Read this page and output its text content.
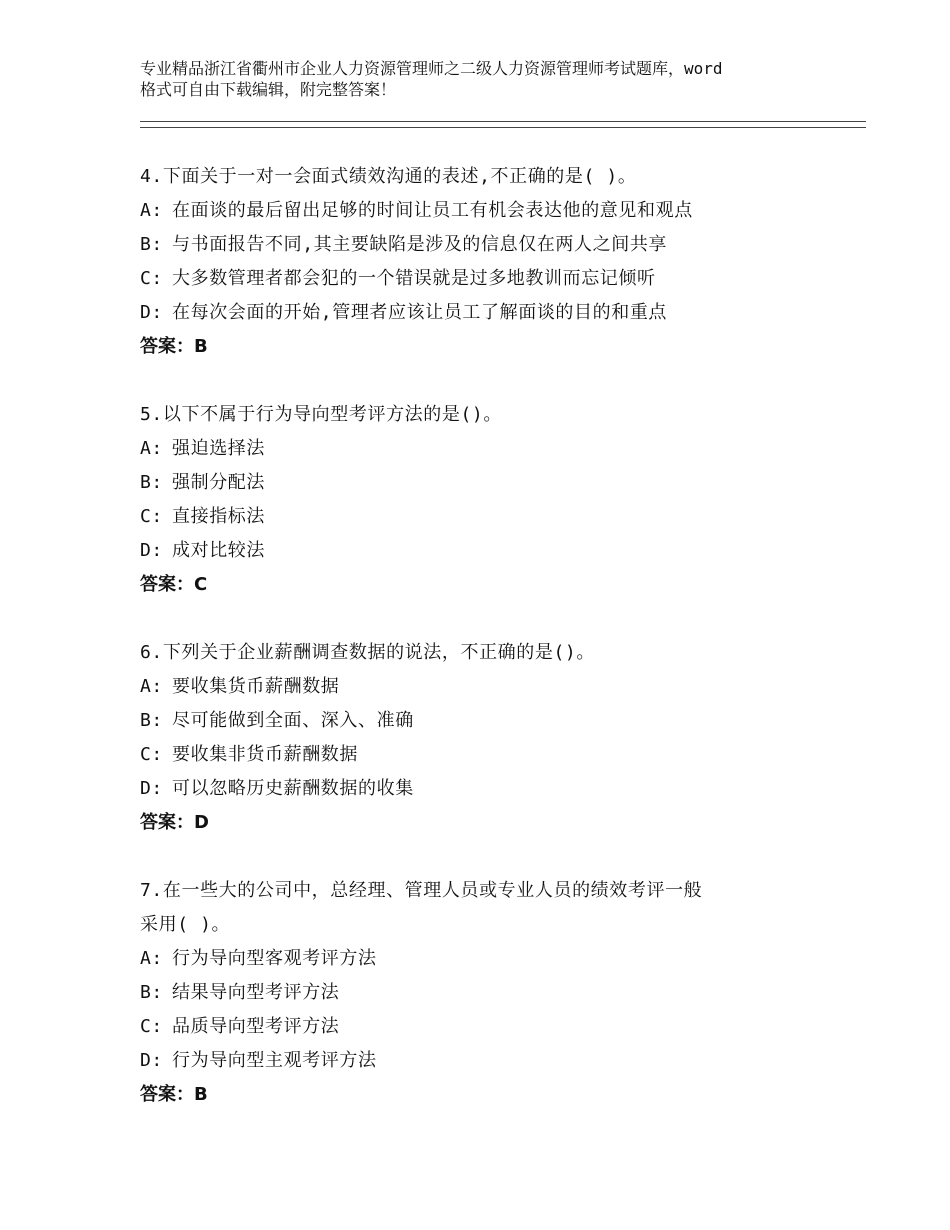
专业精品浙江省衢州市企业人力资源管理师之二级人力资源管理师考试题库，word
格式可自由下载编辑，附完整答案！
4.下面关于一对一会面式绩效沟通的表述,不正确的是( )。
A: 在面谈的最后留出足够的时间让员工有机会表达他的意见和观点
B: 与书面报告不同,其主要缺陷是涉及的信息仅在两人之间共享
C: 大多数管理者都会犯的一个错误就是过多地教训而忘记倾听
D: 在每次会面的开始,管理者应该让员工了解面谈的目的和重点
答案：B
5.以下不属于行为导向型考评方法的是()。
A: 强迫选择法
B: 强制分配法
C: 直接指标法
D: 成对比较法
答案：C
6.下列关于企业薪酬调查数据的说法，不正确的是()。
A: 要收集货币薪酬数据
B: 尽可能做到全面、深入、准确
C: 要收集非货币薪酬数据
D: 可以忽略历史薪酬数据的收集
答案：D
7.在一些大的公司中，总经理、管理人员或专业人员的绩效考评一般
采用( )。
A: 行为导向型客观考评方法
B: 结果导向型考评方法
C: 品质导向型考评方法
D: 行为导向型主观考评方法
答案：B
